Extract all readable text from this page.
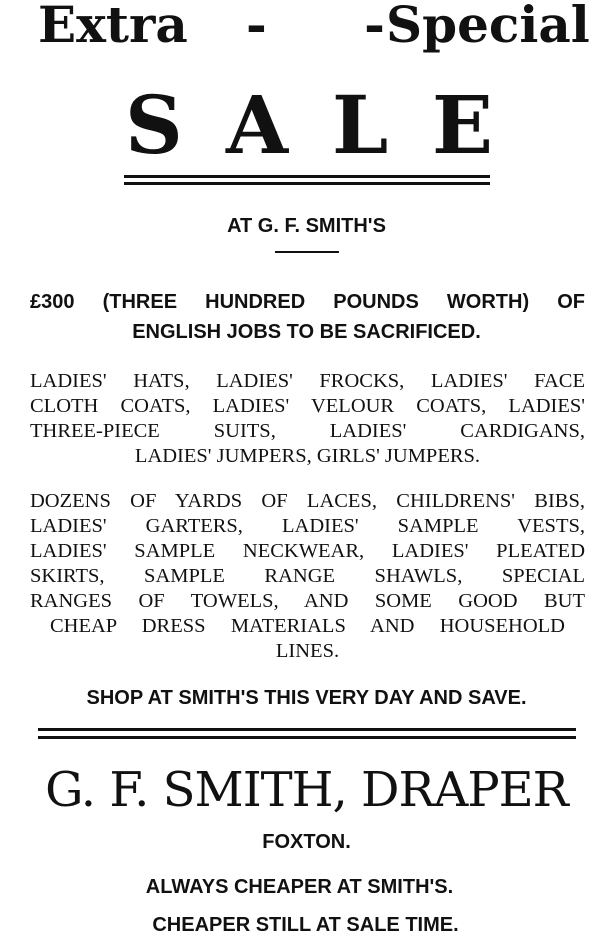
Extra - -
Special
S A L E
AT G. F. SMITH'S
£300 (THREE HUNDRED POUNDS WORTH) OF
ENGLISH JOBS TO BE SACRIFICED.
LADIES' HATS, LADIES' FROCKS, LADIES' FACE
CLOTH COATS, LADIES' VELOUR COATS, LADIES'
THREE-PIECE SUITS, LADIES' CARDIGANS,
LADIES' JUMPERS, GIRLS' JUMPERS.
DOZENS OF YARDS OF LACES, CHILDRENS' BIBS,
LADIES' GARTERS, LADIES' SAMPLE VESTS,
LADIES' SAMPLE NECKWEAR, LADIES' PLEATED
SKIRTS, SAMPLE RANGE SHAWLS, SPECIAL
RANGES OF TOWELS, AND SOME GOOD BUT
CHEAP DRESS MATERIALS AND HOUSEHOLD
LINES.
SHOP AT SMITH'S THIS VERY DAY AND SAVE.
G. F. SMITH, DRAPER
FOXTON.
ALWAYS CHEAPER AT SMITH'S.
CHEAPER STILL AT SALE TIME.
